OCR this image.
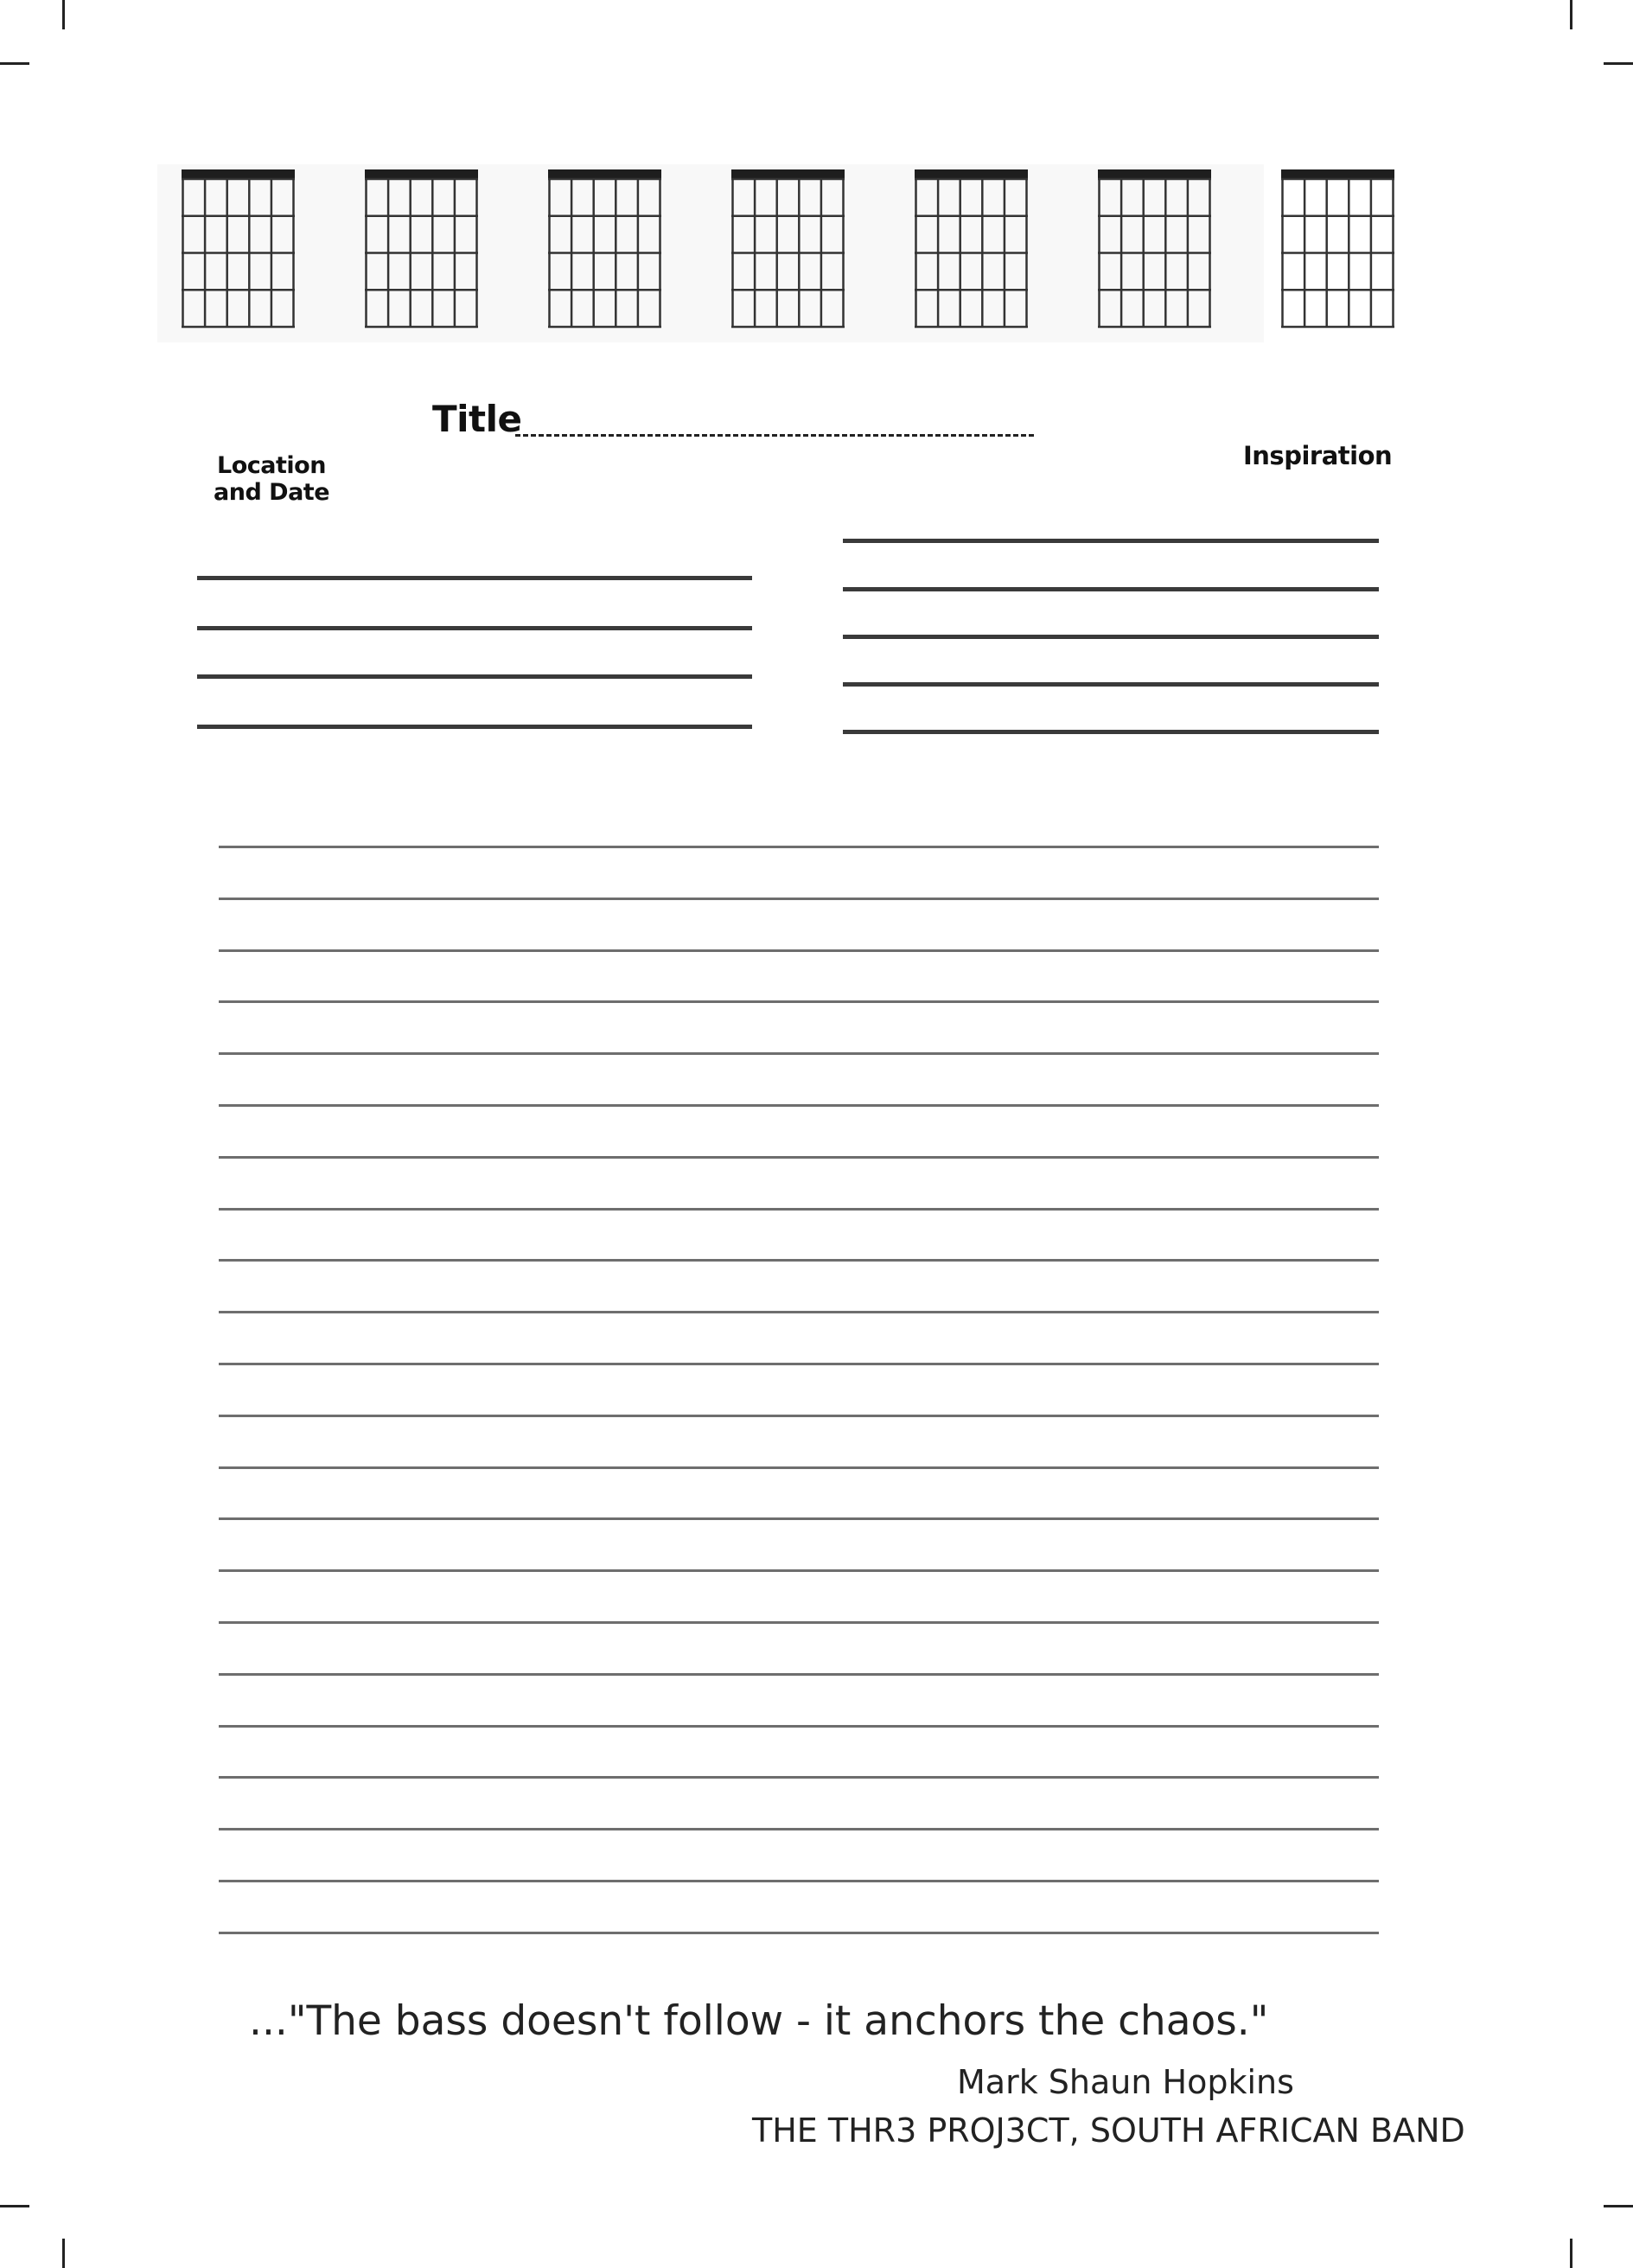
Title
Location
and Date
Inspiration
..."The bass doesn't follow - it anchors the chaos."
Mark Shaun Hopkins
THE THR3 PROJ3CT, SOUTH AFRICAN BAND
